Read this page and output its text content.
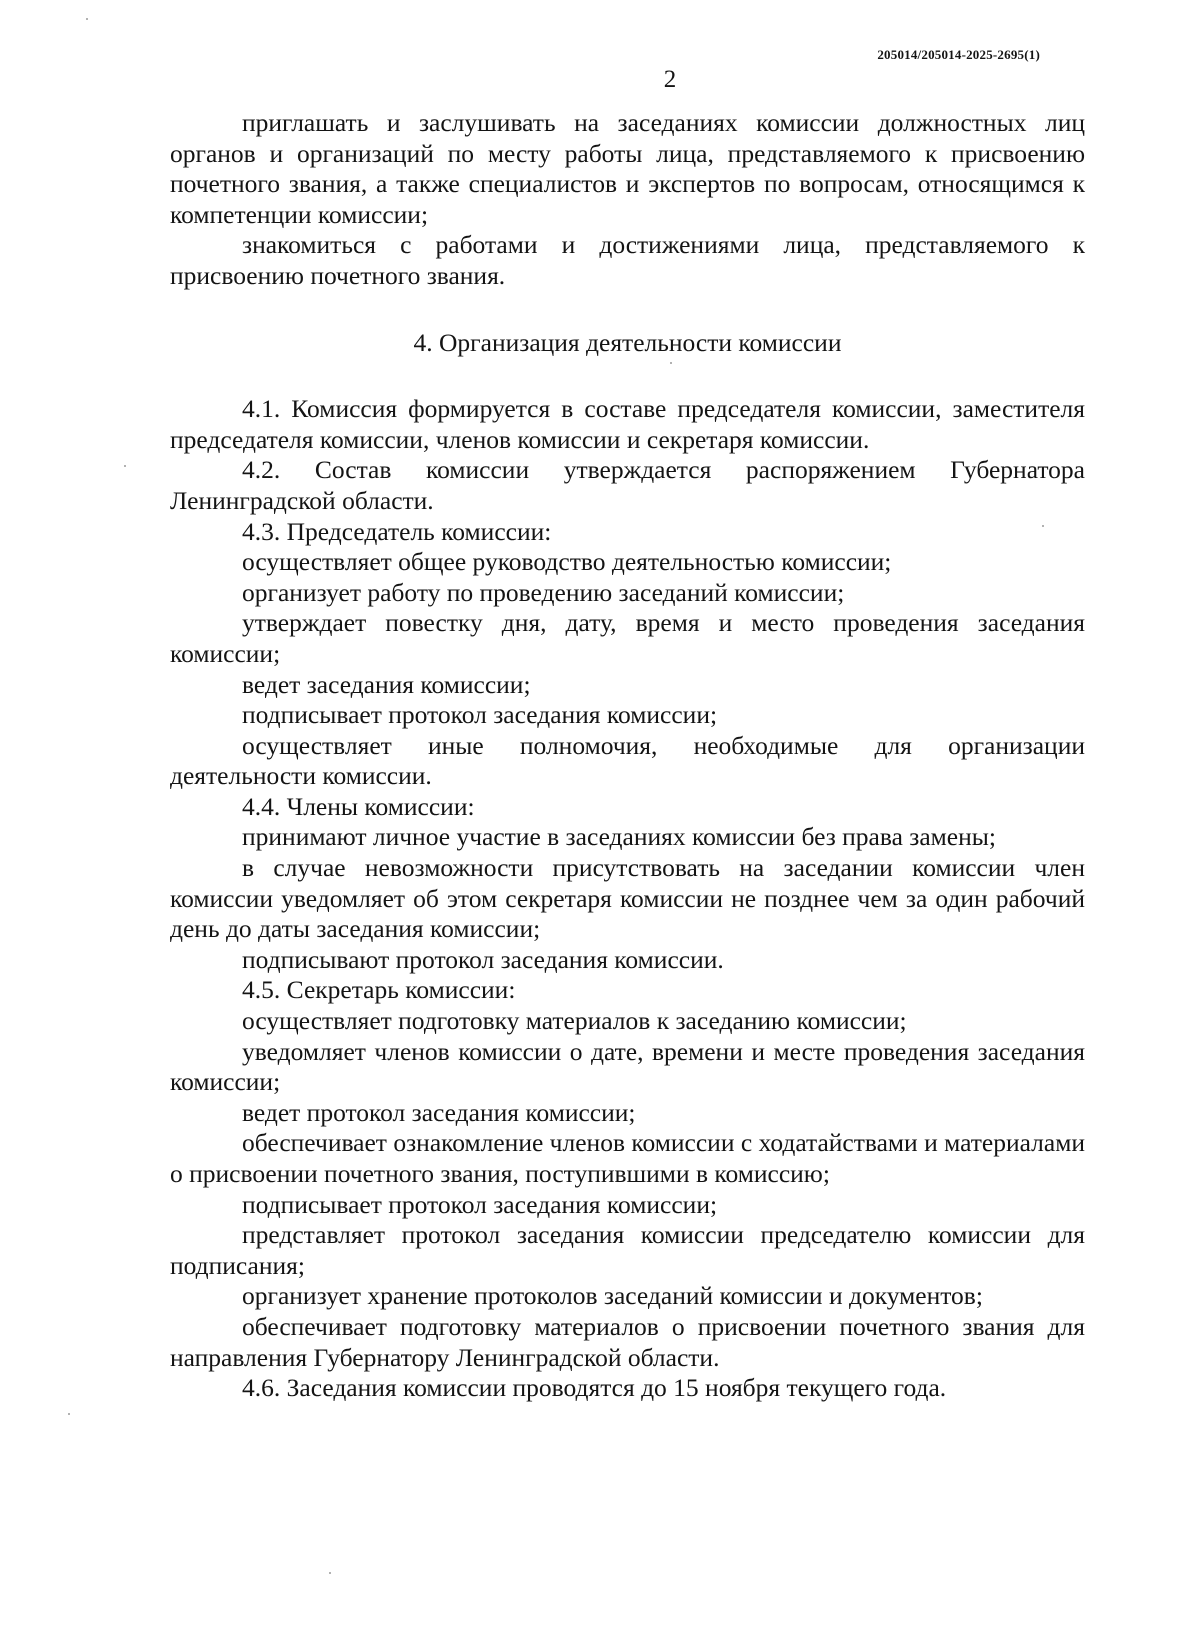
205014/205014-2025-2695(1)
2

приглашать и заслушивать на заседаниях комиссии должностных лиц органов и организаций по месту работы лица, представляемого к присвоению почетного звания, а также специалистов и экспертов по вопросам, относящимся к компетенции комиссии;

знакомиться с работами и достижениями лица, представляемого к присвоению почетного звания.

4. Организация деятельности комиссии

4.1. Комиссия формируется в составе председателя комиссии, заместителя председателя комиссии, членов комиссии и секретаря комиссии.

4.2. Состав комиссии утверждается распоряжением Губернатора Ленинградской области.

4.3. Председатель комиссии:

осуществляет общее руководство деятельностью комиссии;

организует работу по проведению заседаний комиссии;

утверждает повестку дня, дату, время и место проведения заседания комиссии;

ведет заседания комиссии;

подписывает протокол заседания комиссии;

осуществляет иные полномочия, необходимые для организации деятельности комиссии.

4.4. Члены комиссии:

принимают личное участие в заседаниях комиссии без права замены;

в случае невозможности присутствовать на заседании комиссии член комиссии уведомляет об этом секретаря комиссии не позднее чем за один рабочий день до даты заседания комиссии;

подписывают протокол заседания комиссии.

4.5. Секретарь комиссии:

осуществляет подготовку материалов к заседанию комиссии;

уведомляет членов комиссии о дате, времени и месте проведения заседания комиссии;

ведет протокол заседания комиссии;

обеспечивает ознакомление членов комиссии с ходатайствами и материалами о присвоении почетного звания, поступившими в комиссию;

подписывает протокол заседания комиссии;

представляет протокол заседания комиссии председателю комиссии для подписания;

организует хранение протоколов заседаний комиссии и документов;

обеспечивает подготовку материалов о присвоении почетного звания для направления Губернатору Ленинградской области.

4.6. Заседания комиссии проводятся до 15 ноября текущего года.
